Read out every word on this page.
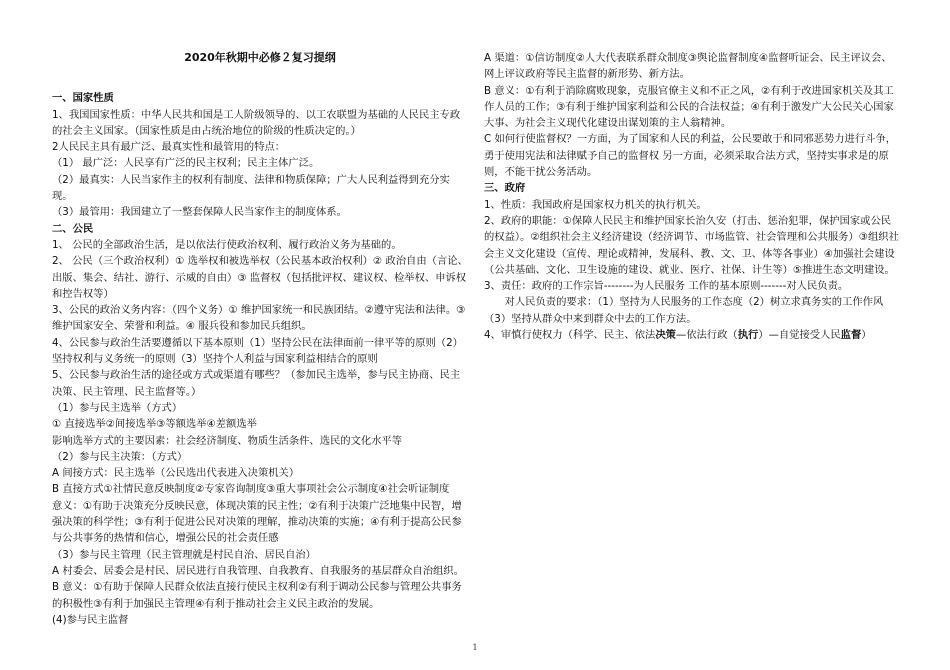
2020年秋期中必修２复习提纲

一、国家性质

1、我国国家性质：中华人民共和国是工人阶级领导的、以工农联盟为基础的人民民主专政的社会主义国家。（国家性质是由占统治地位的阶级的性质决定的。）

2人民民主具有最广泛、最真实性和最管用的特点：

（1） 最广泛：人民享有广泛的民主权利；民主主体广泛。

（2）最真实：人民当家作主的权利有制度、法律和物质保障；广大人民利益得到充分实现。

（3）最管用：我国建立了一整套保障人民当家作主的制度体系。

二、公民

1、 公民的全部政治生活，是以依法行使政治权利、履行政治义务为基础的。

2、 公民（三个政治权利）① 选举权和被选举权（公民基本政治权利）② 政治自由（言论、出版、集会、结社、游行、示威的自由）③ 监督权（包括批评权、建议权、检举权、申诉权和控告权等）

3、公民的政治义务内容：（四个义务）① 维护国家统一和民族团结。②遵守宪法和法律。③ 维护国家安全、荣誉和利益。④ 服兵役和参加民兵组织。

4、公民参与政治生活要遵循以下基本原则（1）坚持公民在法律面前一律平等的原则（2）坚持权利与义务统一的原则（3）坚持个人利益与国家利益相结合的原则

5、公民参与政治生活的途径或方式或渠道有哪些？（参加民主选举，参与民主协商、民主决策、民主管理、民主监督等。）

（1）参与民主选举（方式）

① 直接选举②间接选举③等额选举④差额选举

影响选举方式的主要因素：社会经济制度、物质生活条件、选民的文化水平等

（2）参与民主决策：（方式）

A 间接方式：民主选举（公民选出代表进入决策机关）

B 直接方式①社情民意反映制度②专家咨询制度③重大事项社会公示制度④社会听证制度

意义：①有助于决策充分反映民意，体现决策的民主性；②有利于决策广泛地集中民智，增强决策的科学性；③有利于促进公民对决策的理解，推动决策的实施；④有利于提高公民参与公共事务的热情和信心，增强公民的社会责任感

（3）参与民主管理（民主管理就是村民自治、居民自治）

A 村委会、居委会是村民、居民进行自我管理、自我教育、自我服务的基层群众自治组织。

B 意义：①有助于保障人民群众依法直接行使民主权利②有利于调动公民参与管理公共事务的积极性③有利于加强民主管理④有利于推动社会主义民主政治的发展。

(4)参与民主监督

A 渠道：①信访制度②人大代表联系群众制度③舆论监督制度④监督听证会、民主评议会、网上评议政府等民主监督的新形势、新方法。

B 意义：①有利于消除腐败现象，克服官僚主义和不正之风，②有利于改进国家机关及其工作人员的工作；③有利于维护国家利益和公民的合法权益；④有利于激发广大公民关心国家大事、为社会主义现代化建设出谋划策的主人翁精神。

C 如何行使监督权？一方面，为了国家和人民的利益，公民要敢于和同邪恶势力进行斗争，勇于使用宪法和法律赋予自己的监督权 另一方面，必须采取合法方式，坚持实事求是的原则，不能干扰公务活动。

三、政府

1、性质：我国政府是国家权力机关的执行机关。

2、政府的职能：①保障人民民主和维护国家长治久安（打击、惩治犯罪，保护国家或公民的权益）。②组织社会主义经济建设（经济调节、市场监管、社会管理和公共服务）③组织社会主义文化建设（宣传、理论或精神，发展科、教、文、卫、体等各事业）④加强社会建设（公共基础、文化、卫生设施的建设、就业、医疗、社保、计生等）⑤推进生态文明建设。

3、责任：政府的工作宗旨--------为人民服务 工作的基本原则-------对人民负责。

对人民负责的要求：（1）坚持为人民服务的工作态度（2）树立求真务实的工作作风（3）坚持从群众中来到群众中去的工作方法。

4、审慎行使权力（科学、民主、依法决策—依法行政（执行）—自觉接受人民监督）

1
